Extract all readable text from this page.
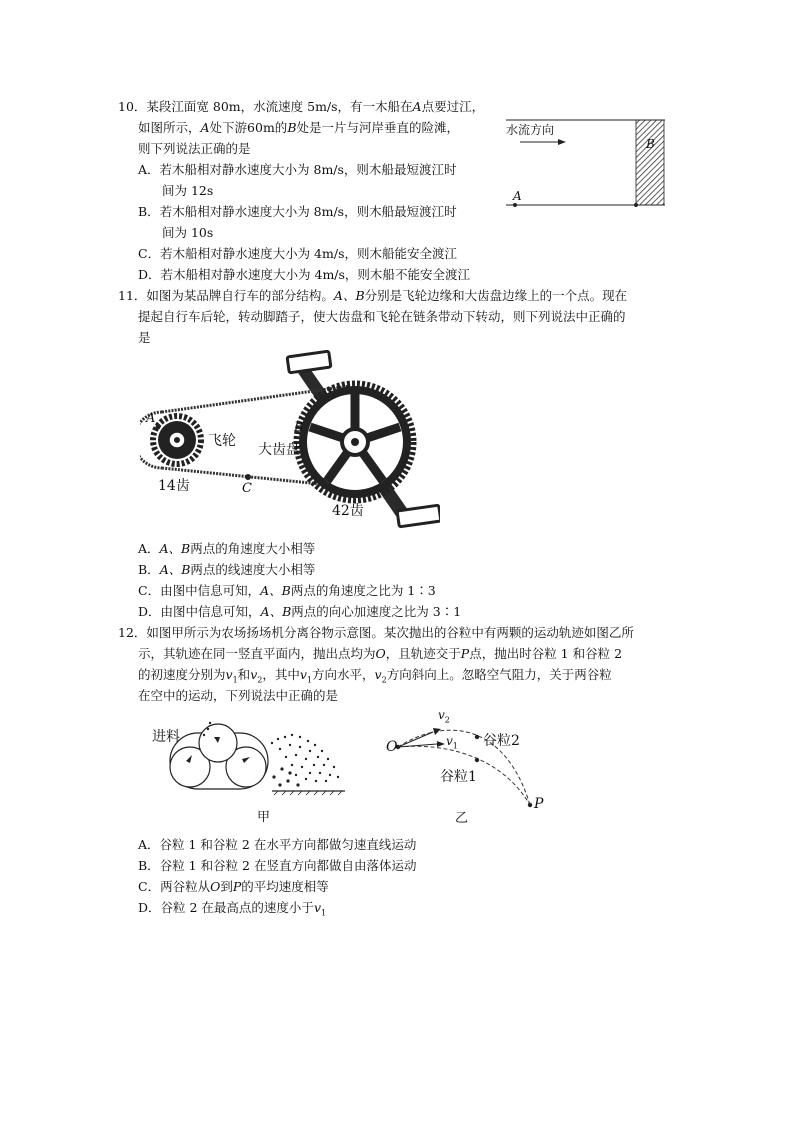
10．某段江面宽 80m，水流速度 5m/s，有一木船在A点要过江，
如图所示，A处下游60m的B处是一片与河岸垂直的险滩，
则下列说法正确的是
A．若木船相对静水速度大小为 8m/s，则木船最短渡江时
间为 12s
B．若木船相对静水速度大小为 8m/s，则木船最短渡江时
间为 10s
C．若木船相对静水速度大小为 4m/s，则木船能安全渡江
D．若木船相对静水速度大小为 4m/s，则木船不能安全渡江
水流方向
B
A
11．如图为某品牌自行车的部分结构。A、B分别是飞轮边缘和大齿盘边缘上的一个点。现在
提起自行车后轮，转动脚踏子，使大齿盘和飞轮在链条带动下转动，则下列说法中正确的
是
A
飞轮
B
大齿盘
14齿	C
42齿
A．A、B两点的角速度大小相等
B．A、B两点的线速度大小相等
C．由图中信息可知，A、B两点的角速度之比为 1∶3
D．由图中信息可知，A、B两点的向心加速度之比为 3∶1
12．如图甲所示为农场扬场机分离谷物示意图。某次抛出的谷粒中有两颗的运动轨迹如图乙所
示，其轨迹在同一竖直平面内，抛出点均为O，且轨迹交于P点，抛出时谷粒 1 和谷粒 2
的初速度分别为$v_1$和$v_2$，其中$v_1$方向水平，$v_2$方向斜向上。忽略空气阻力，关于两谷粒
在空中的运动，下列说法中正确的是
进料
甲
O
$v_2$
$v_1$ 谷粒2
谷粒1
P
乙
A．谷粒 1 和谷粒 2 在水平方向都做匀速直线运动
B．谷粒 1 和谷粒 2 在竖直方向都做自由落体运动
C．两谷粒从O到P的平均速度相等
D．谷粒 2 在最高点的速度小于$v_1$
